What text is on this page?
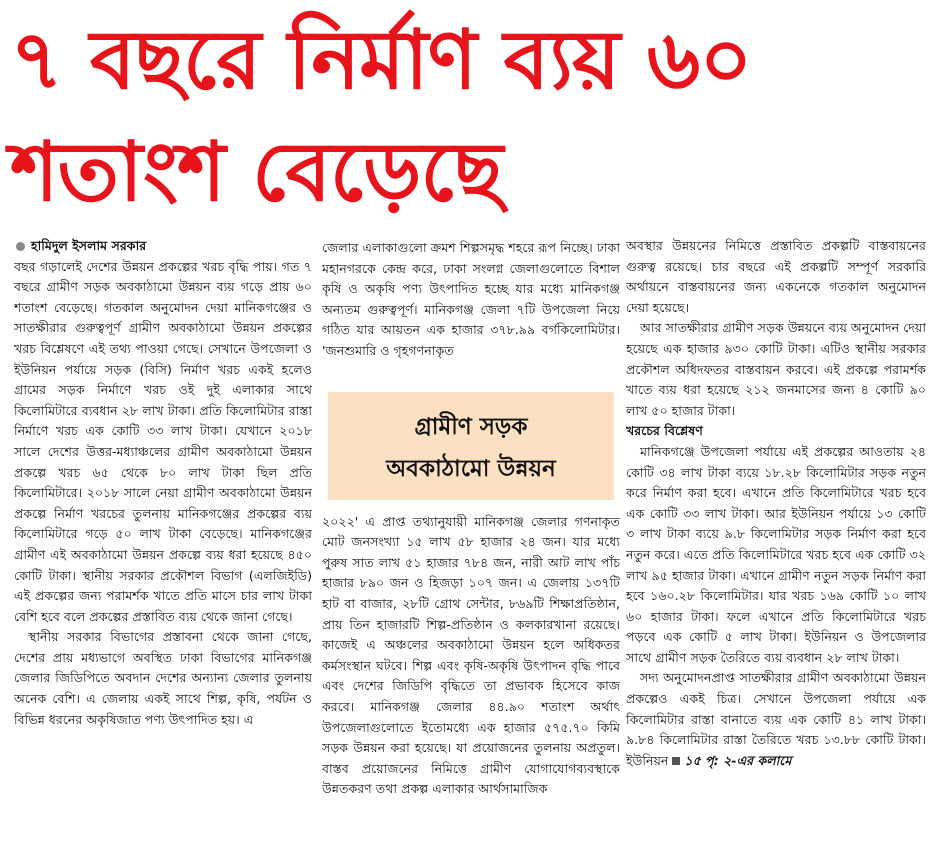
৭ বছরে নির্মাণ ব্যয় ৬০
শতাংশ বেড়েছে

হামিদুল ইসলাম সরকার

বছর গড়ালেই দেশের উন্নয়ন প্রকল্পের খরচ বৃদ্ধি পায়। গত ৭ বছরে গ্রামীণ সড়ক অবকাঠামো উন্নয়ন ব্যয় গড়ে প্রায় ৬০ শতাংশ বেড়েছে। গতকাল অনুমোদন দেয়া মানিকগঞ্জের ও সাতক্ষীরার গুরুত্বপূর্ণ গ্রামীণ অবকাঠামো উন্নয়ন প্রকল্পের খরচ বিশ্লেষণে এই তথ্য পাওয়া গেছে। সেখানে উপজেলা ও ইউনিয়ন পর্যায়ে সড়ক (বিসি) নির্মাণ খরচ একই হলেও গ্রামের সড়ক নির্মাণে খরচ ওই দুই এলাকার সাথে কিলোমিটারে ব্যবধান ২৮ লাখ টাকা। প্রতি কিলোমিটার রাস্তা নির্মাণে খরচ এক কোটি ৩৩ লাখ টাকা। যেখানে ২০১৮ সালে দেশের উত্তর-মধ্যাঞ্চলের গ্রামীণ অবকাঠামো উন্নয়ন প্রকল্পে খরচ ৬৫ থেকে ৮০ লাখ টাকা ছিল প্রতি কিলোমিটারে। ২০১৮ সালে নেয়া গ্রামীণ অবকাঠামো উন্নয়ন প্রকল্পে নির্মাণ খরচের তুলনায় মানিকগঞ্জের প্রকল্পের ব্যয় কিলোমিটারে গড়ে ৫০ লাখ টাকা বেড়েছে। মানিকগঞ্জের গ্রামীণ এই অবকাঠামো উন্নয়ন প্রকল্পে ব্যয় ধরা হয়েছে ৪৫০ কোটি টাকা। স্থানীয় সরকার প্রকৌশল বিভাগ (এলজিইডি) এই প্রকল্পের জন্য পরামর্শক খাতে প্রতি মাসে চার লাখ টাকা বেশি হবে বলে প্রকল্পের প্রস্তাবিত ব্যয় থেকে জানা গেছে।

স্থানীয় সরকার বিভাগের প্রস্তাবনা থেকে জানা গেছে, দেশের প্রায় মধ্যভাগে অবস্থিত ঢাকা বিভাগের মানিকগঞ্জ জেলার জিডিপিতে অবদান দেশের অন্যান্য জেলার তুলনায় অনেক বেশি। এ জেলায় একই সাথে শিল্প, কৃষি, পর্যটন ও বিভিন্ন ধরনের অকৃষিজাত পণ্য উৎপাদিত হয়। এ

জেলার এলাকাগুলো ক্রমশ শিল্পসমৃদ্ধ শহরে রূপ নিচ্ছে। ঢাকা মহানগরকে কেন্দ্র করে, ঢাকা সংলগ্ন জেলাগুলোতে বিশাল কৃষি ও অকৃষি পণ্য উৎপাদিত হচ্ছে যার মধ্যে মানিকগঞ্জ অন্যতম গুরুত্বপূর্ণ। মানিকগঞ্জ জেলা ৭টি উপজেলা নিয়ে গঠিত যার আয়তন এক হাজার ৩৭৮.৯৯ বর্গকিলোমিটার। 'জনশুমারি ও গৃহগণনাকৃত

গ্রামীণ সড়ক
অবকাঠামো উন্নয়ন

২০২২' এ প্রাপ্ত তথ্যানুযায়ী মানিকগঞ্জ জেলার গণনাকৃত মোট জনসংখ্যা ১৫ লাখ ৫৮ হাজার ২৪ জন। যার মধ্যে পুরুষ সাত লাখ ৫১ হাজার ৭৮৪ জন, নারী আট লাখ পাঁচ হাজার ৮৯০ জন ও হিজড়া ১০৭ জন। এ জেলায় ১৩৭টি হাট বা বাজার, ২৮টি গ্রোথ সেন্টার, ৮৬৯টি শিক্ষাপ্রতিষ্ঠান, প্রায় তিন হাজারটি শিল্প-প্রতিষ্ঠান ও কলকারখানা রয়েছে। কাজেই এ অঞ্চলের অবকাঠামো উন্নয়ন হলে অধিকতর কর্মসংস্থান ঘটবে। শিল্প এবং কৃষি-অকৃষি উৎপাদন বৃদ্ধি পাবে এবং দেশের জিডিপি বৃদ্ধিতে তা প্রভাবক হিসেবে কাজ করবে। মানিকগঞ্জ জেলার ৪৪.৯০ শতাংশ অর্থাৎ উপজেলাগুলোতে ইতোমধ্যে এক হাজার ৫৭৫.৭০ কিমি সড়ক উন্নয়ন করা হয়েছে। যা প্রয়োজনের তুলনায় অপ্রতুল। বাস্তব প্রয়োজনের নিমিত্তে গ্রামীণ যোগাযোগব্যবস্থাকে উন্নতকরণ তথা প্রকল্প এলাকার আর্থসামাজিক

অবস্থার উন্নয়নের নিমিত্তে প্রস্তাবিত প্রকল্পটি বাস্তবায়নের গুরুত্ব রয়েছে। চার বছরে এই প্রকল্পটি সম্পূর্ণ সরকারি অর্থায়নে বাস্তবায়নের জন্য একনেকে গতকাল অনুমোদন দেয়া হয়েছে।

আর সাতক্ষীরার গ্রামীণ সড়ক উন্নয়নে ব্যয় অনুমোদন দেয়া হয়েছে এক হাজার ৯৩০ কোটি টাকা। এটিও স্থানীয় সরকার প্রকৌশল অধিদফতর বাস্তবায়ন করবে। এই প্রকল্পে পরামর্শক খাতে ব্যয় ধরা হয়েছে ২১২ জনমাসের জন্য ৪ কোটি ৯০ লাখ ৫০ হাজার টাকা।

খরচের বিশ্লেষণ

মানিকগঞ্জে উপজেলা পর্যায়ে এই প্রকল্পের আওতায় ২৪ কোটি ৩৪ লাখ টাকা ব্যয়ে ১৮.২৮ কিলোমিটার সড়ক নতুন করে নির্মাণ করা হবে। এখানে প্রতি কিলোমিটারে খরচ হবে এক কোটি ৩৩ লাখ টাকা। আর ইউনিয়ন পর্যায়ে ১৩ কোটি ৩ লাখ টাকা ব্যয়ে ৯.৮ কিলোমিটার সড়ক নির্মাণ করা হবে নতুন করে। এতে প্রতি কিলোমিটারে খরচ হবে এক কোটি ৩২ লাখ ৯৫ হাজার টাকা। এখানে গ্রামীণ নতুন সড়ক নির্মাণ করা হবে ১৬০.২৮ কিলোমিটার। যার খরচ ১৬৯ কোটি ১০ লাখ ৬০ হাজার টাকা। ফলে এখানে প্রতি কিলোমিটারে খরচ পড়বে এক কোটি ৫ লাখ টাকা। ইউনিয়ন ও উপজেলার সাথে গ্রামীণ সড়ক তৈরিতে ব্যয় ব্যবধান ২৮ লাখ টাকা।

সদ্য অনুমোদনপ্রাপ্ত সাতক্ষীরার গ্রামীণ অবকাঠামো উন্নয়ন প্রকল্পেও একই চিত্র। সেখানে উপজেলা পর্যায়ে এক কিলোমিটার রাস্তা বানাতে ব্যয় এক কোটি ৪১ লাখ টাকা। ৯.৮৪ কিলোমিটার রাস্তা তৈরিতে খরচ ১৩.৮৮ কোটি টাকা। ইউনিয়ন ১৫ পৃ: ২-এর কলামে
